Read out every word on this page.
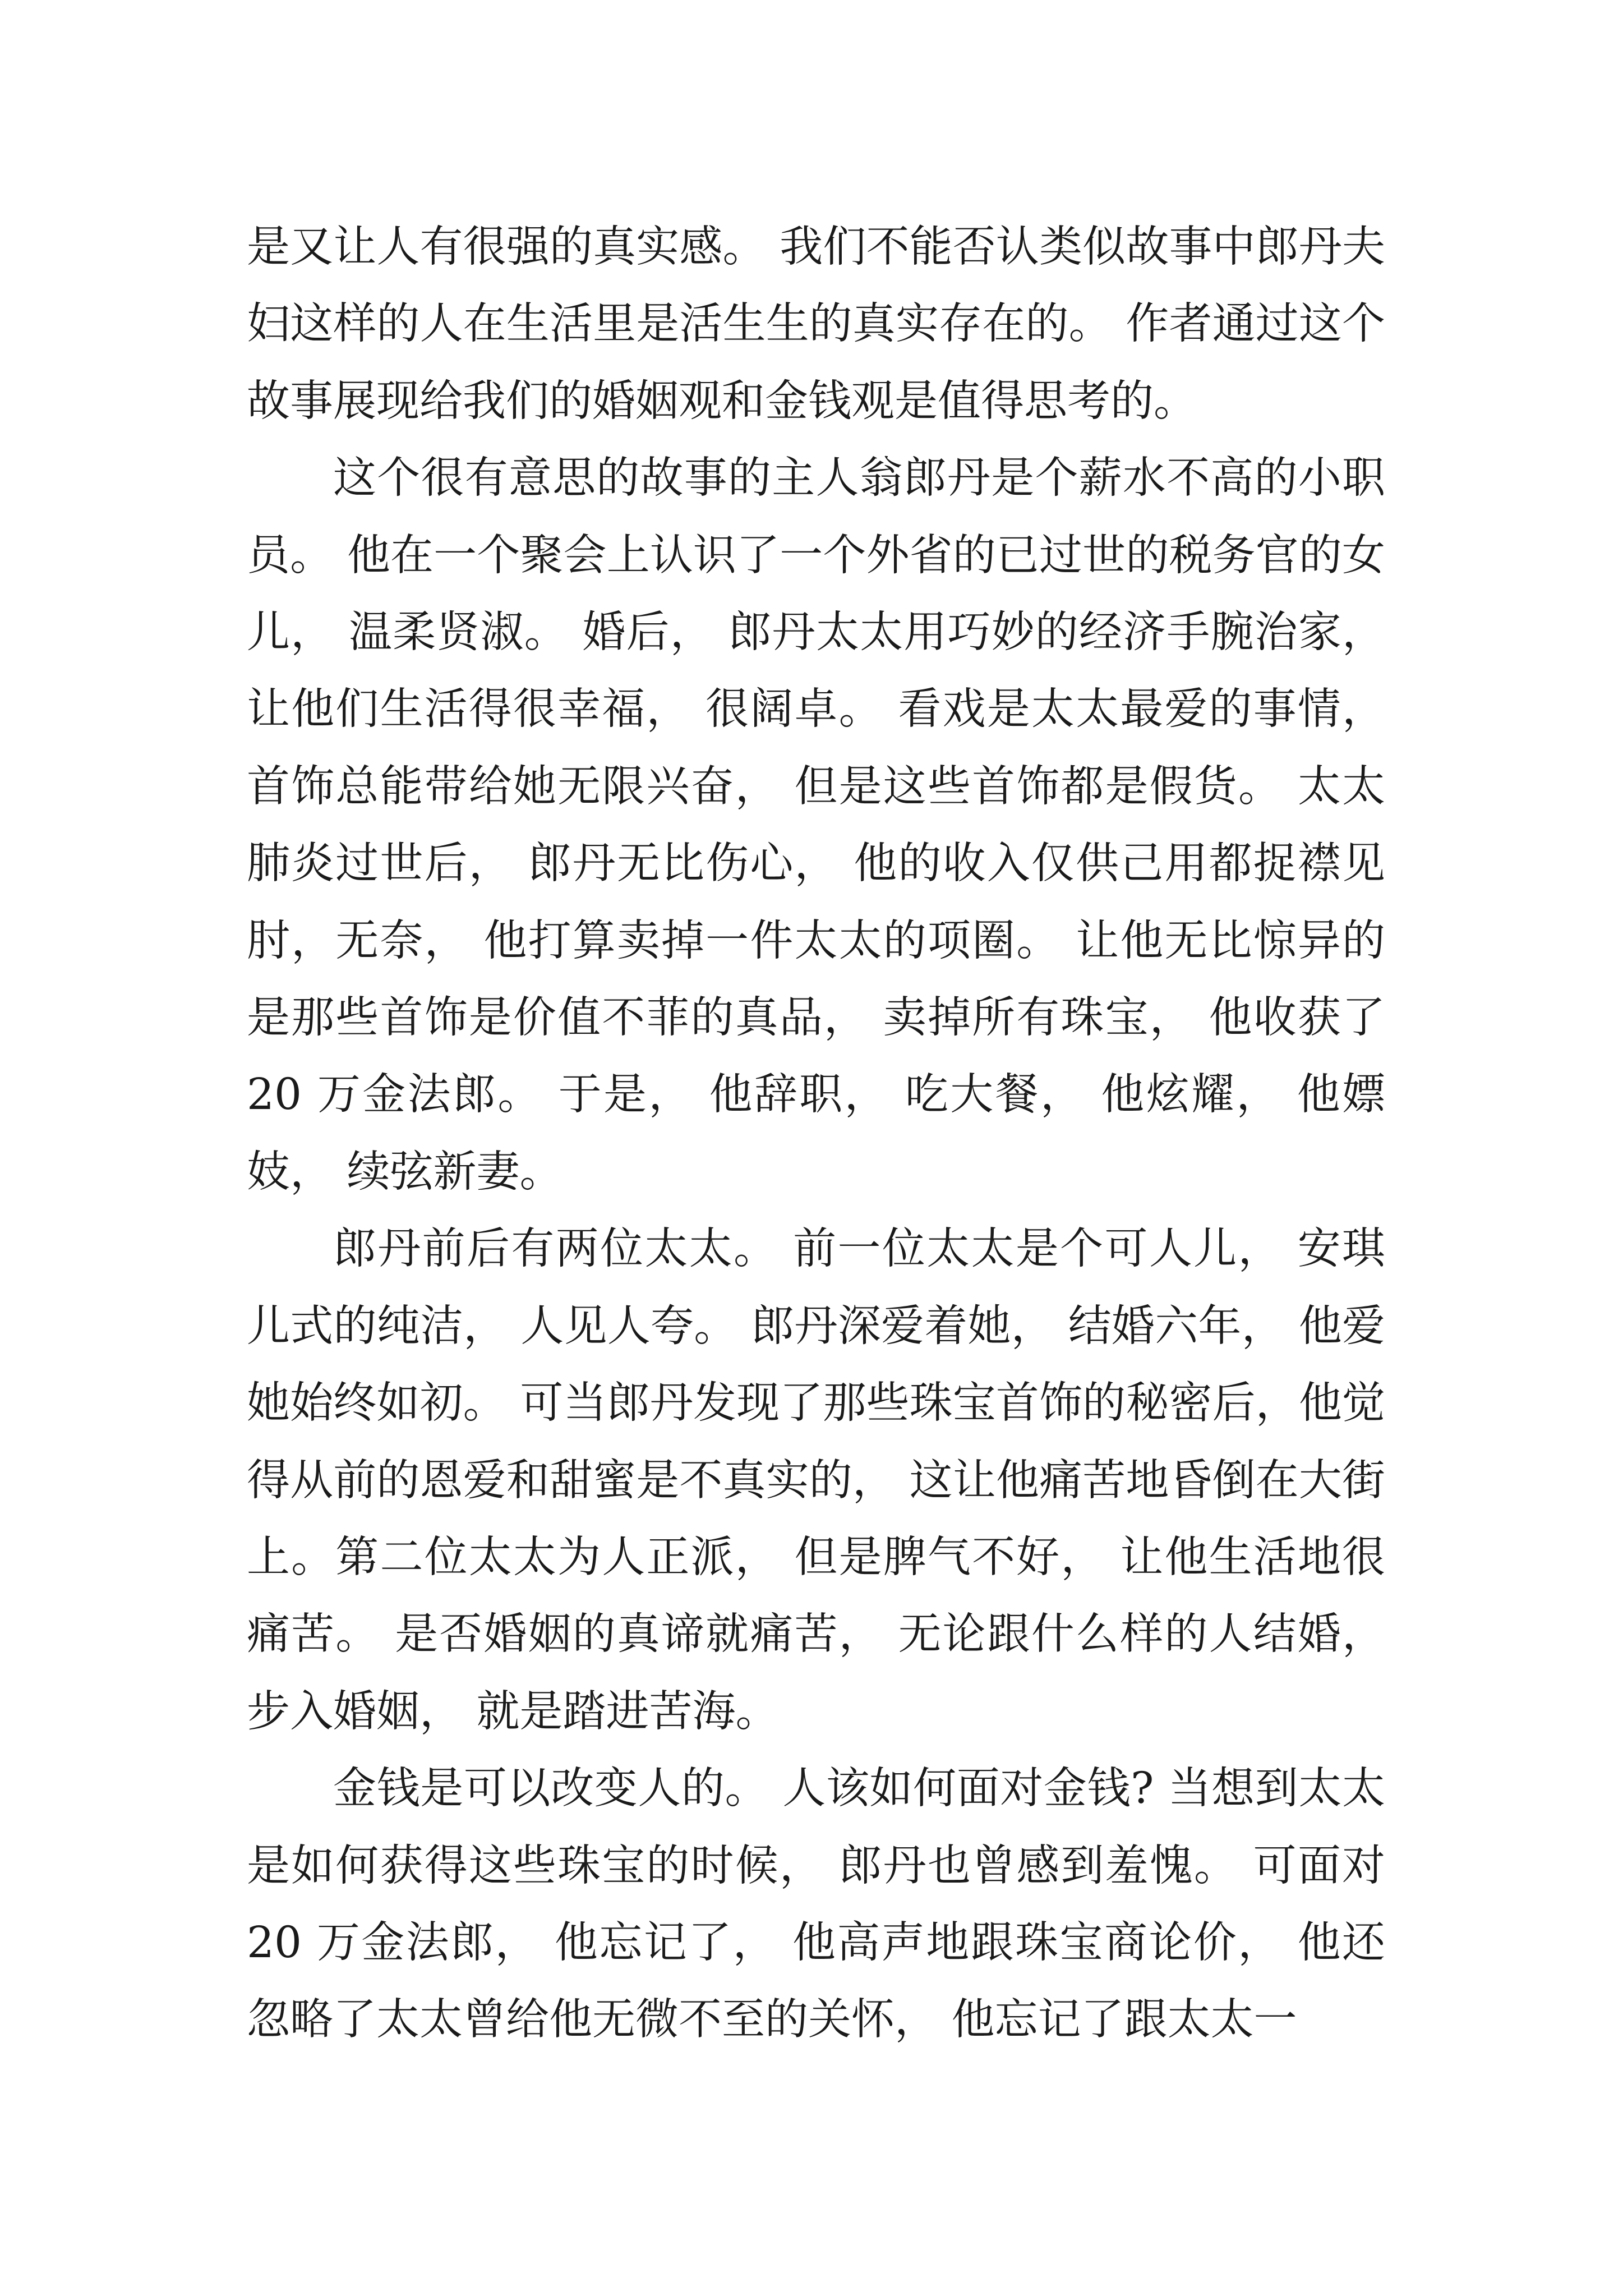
是又让人有很强的真实感。 我们不能否认类似故事中郎丹夫妇这样的人在生活里是活生生的真实存在的。 作者通过这个故事展现给我们的婚姻观和金钱观是值得思考的。

这个很有意思的故事的主人翁郎丹是个薪水不高的小职员。 他在一个聚会上认识了一个外省的已过世的税务官的女儿， 温柔贤淑。 婚后， 郎丹太太用巧妙的经济手腕治家， 让他们生活得很幸福， 很阔卓。 看戏是太太最爱的事情， 首饰总能带给她无限兴奋， 但是这些首饰都是假货。 太太肺炎过世后， 郎丹无比伤心， 他的收入仅供己用都捉襟见肘，无奈， 他打算卖掉一件太太的项圈。 让他无比惊异的是那些首饰是价值不菲的真品， 卖掉所有珠宝， 他收获了 20 万金法郎。 于是， 他辞职， 吃大餐， 他炫耀， 他嫖妓， 续弦新妻。

郎丹前后有两位太太。 前一位太太是个可人儿， 安琪儿式的纯洁， 人见人夸。 郎丹深爱着她， 结婚六年， 他爱她始终如初。 可当郎丹发现了那些珠宝首饰的秘密后，他觉得从前的恩爱和甜蜜是不真实的， 这让他痛苦地昏倒在大街上。第二位太太为人正派， 但是脾气不好， 让他生活地很痛苦。 是否婚姻的真谛就痛苦， 无论跟什么样的人结婚， 步入婚姻， 就是踏进苦海。

金钱是可以改变人的。 人该如何面对金钱? 当想到太太是如何获得这些珠宝的时候， 郎丹也曾感到羞愧。 可面对 20 万金法郎， 他忘记了， 他高声地跟珠宝商论价， 他还忽略了太太曾给他无微不至的关怀， 他忘记了跟太太一
